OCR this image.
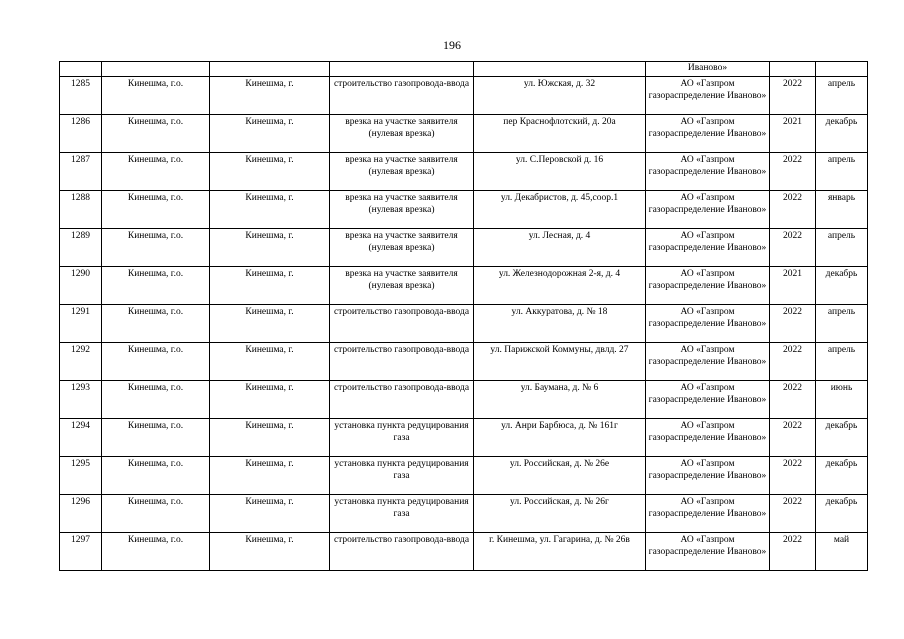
196
					Иваново»		
1285	Кинешма, г.о.	Кинешма, г.	строительство газопровода-ввода	ул. Южская, д. 32	АО «Газпром газораспределение Иваново»	2022	апрель
1286	Кинешма, г.о.	Кинешма, г.	врезка на участке заявителя (нулевая врезка)	пер Краснофлотский, д. 20а	АО «Газпром газораспределение Иваново»	2021	декабрь
1287	Кинешма, г.о.	Кинешма, г.	врезка на участке заявителя (нулевая врезка)	ул. С.Перовской д. 16	АО «Газпром газораспределение Иваново»	2022	апрель
1288	Кинешма, г.о.	Кинешма, г.	врезка на участке заявителя (нулевая врезка)	ул. Декабристов, д. 45,соор.1	АО «Газпром газораспределение Иваново»	2022	январь
1289	Кинешма, г.о.	Кинешма, г.	врезка на участке заявителя (нулевая врезка)	ул. Лесная, д. 4	АО «Газпром газораспределение Иваново»	2022	апрель
1290	Кинешма, г.о.	Кинешма, г.	врезка на участке заявителя (нулевая врезка)	ул. Железнодорожная 2-я, д. 4	АО «Газпром газораспределение Иваново»	2021	декабрь
1291	Кинешма, г.о.	Кинешма, г.	строительство газопровода-ввода	ул. Аккуратова, д. № 18	АО «Газпром газораспределение Иваново»	2022	апрель
1292	Кинешма, г.о.	Кинешма, г.	строительство газопровода-ввода	ул. Парижской Коммуны, двлд. 27	АО «Газпром газораспределение Иваново»	2022	апрель
1293	Кинешма, г.о.	Кинешма, г.	строительство газопровода-ввода	ул. Баумана, д. № 6	АО «Газпром газораспределение Иваново»	2022	июнь
1294	Кинешма, г.о.	Кинешма, г.	установка пункта редуцирования газа	ул. Анри Барбюса, д. № 161г	АО «Газпром газораспределение Иваново»	2022	декабрь
1295	Кинешма, г.о.	Кинешма, г.	установка пункта редуцирования газа	ул. Российская, д. № 26е	АО «Газпром газораспределение Иваново»	2022	декабрь
1296	Кинешма, г.о.	Кинешма, г.	установка пункта редуцирования газа	ул. Российская, д. № 26г	АО «Газпром газораспределение Иваново»	2022	декабрь
1297	Кинешма, г.о.	Кинешма, г.	строительство газопровода-ввода	г. Кинешма, ул. Гагарина, д. № 26в	АО «Газпром газораспределение Иваново»	2022	май
